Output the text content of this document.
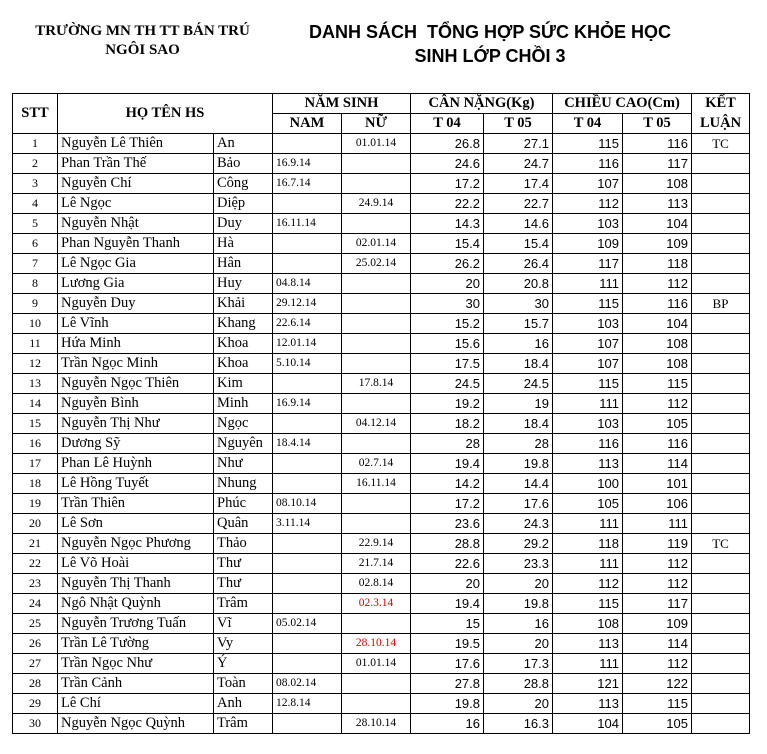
TRƯỜNG MN TH TT BÁN TRÚ
NGÔI SAO
DANH SÁCH  TỔNG HỢP SỨC KHỎE HỌC
SINH LỚP CHỒI 3
STT	HỌ TÊN HS		NĂM SINH		CÂN NẶNG(Kg)		CHIỀU CAO(Cm)		KẾT
			NAM	NỮ	T 04	T 05	T 04	T 05	LUẬN
1	Nguyễn Lê Thiên	An		01.01.14	26.8	27.1	115	116	TC
2	Phan Trần Thế	Bảo	16.9.14		24.6	24.7	116	117	
3	Nguyễn Chí	Công	16.7.14		17.2	17.4	107	108	
4	Lê Ngọc	Diệp		24.9.14	22.2	22.7	112	113	
5	Nguyễn Nhật	Duy	16.11.14		14.3	14.6	103	104	
6	Phan Nguyễn Thanh	Hà		02.01.14	15.4	15.4	109	109	
7	Lê Ngọc Gia	Hân		25.02.14	26.2	26.4	117	118	
8	Lương Gia	Huy	04.8.14		20	20.8	111	112	
9	Nguyễn Duy	Khải	29.12.14		30	30	115	116	BP
10	Lê Vĩnh	Khang	22.6.14		15.2	15.7	103	104	
11	Hứa Minh	Khoa	12.01.14		15.6	16	107	108	
12	Trần Ngọc Minh	Khoa	5.10.14		17.5	18.4	107	108	
13	Nguyễn Ngọc Thiên	Kim		17.8.14	24.5	24.5	115	115	
14	Nguyễn Bình	Minh	16.9.14		19.2	19	111	112	
15	Nguyễn Thị Như	Ngọc		04.12.14	18.2	18.4	103	105	
16	Dương Sỹ	Nguyên	18.4.14		28	28	116	116	
17	Phan Lê Huỳnh	Như		02.7.14	19.4	19.8	113	114	
18	Lê Hồng Tuyết	Nhung		16.11.14	14.2	14.4	100	101	
19	Trần Thiên	Phúc	08.10.14		17.2	17.6	105	106	
20	Lê Sơn	Quân	3.11.14		23.6	24.3	111	111	
21	Nguyễn Ngọc Phương	Thảo		22.9.14	28.8	29.2	118	119	TC
22	Lê Võ Hoài	Thư		21.7.14	22.6	23.3	111	112	
23	Nguyễn Thị Thanh	Thư		02.8.14	20	20	112	112	
24	Ngô Nhật Quỳnh	Trâm		02.3.14	19.4	19.8	115	117	
25	Nguyễn Trương Tuấn	Vĩ	05.02.14		15	16	108	109	
26	Trần Lê Tường	Vy		28.10.14	19.5	20	113	114	
27	Trần Ngọc Như	Ý		01.01.14	17.6	17.3	111	112	
28	Trần Cảnh	Toàn	08.02.14		27.8	28.8	121	122	
29	Lê Chí	Anh	12.8.14		19.8	20	113	115	
30	Nguyễn Ngọc Quỳnh	Trâm		28.10.14	16	16.3	104	105	
